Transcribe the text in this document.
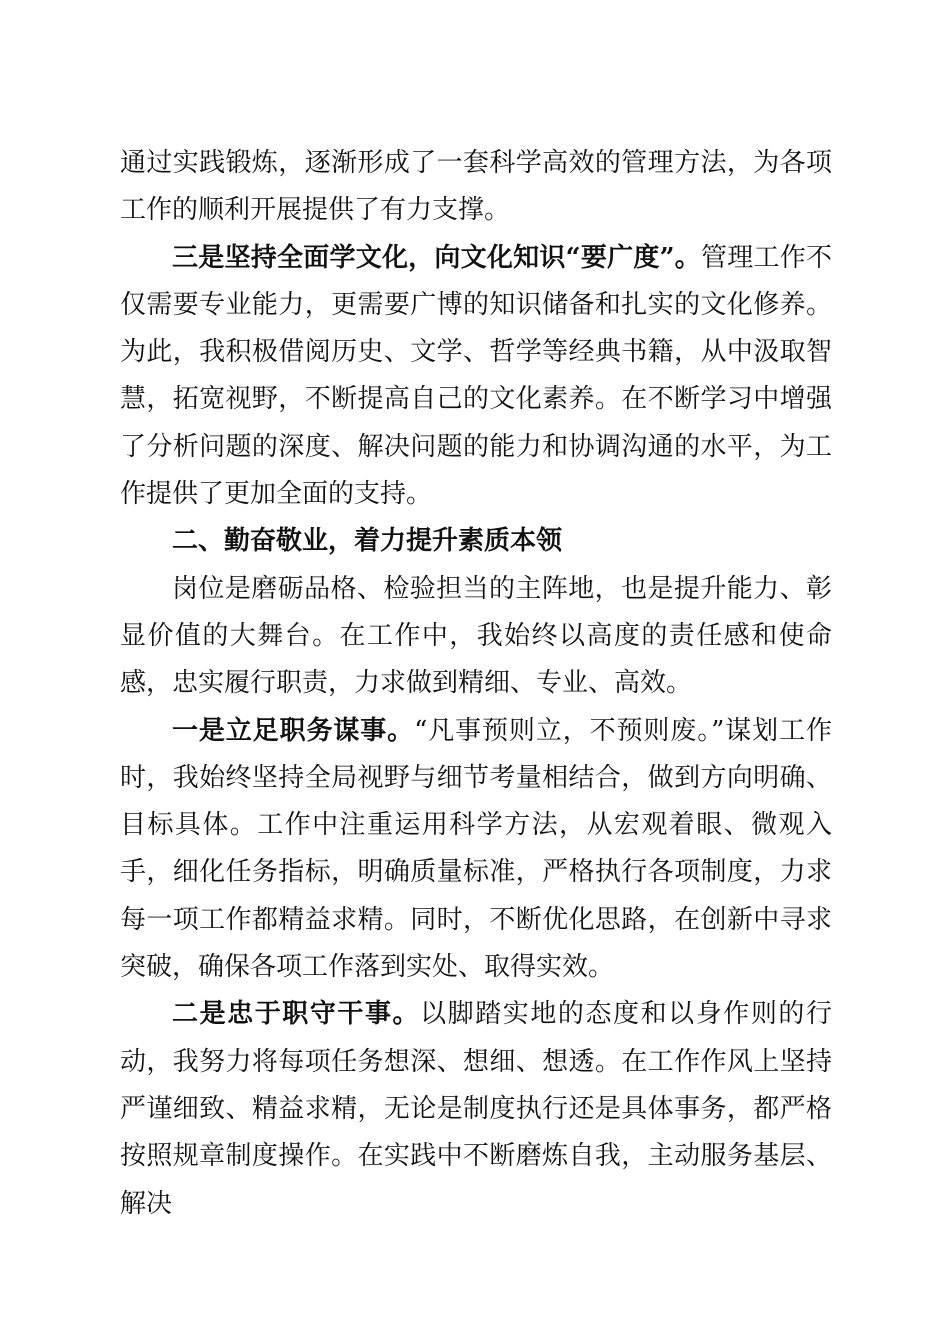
通过实践锻炼，逐渐形成了一套科学高效的管理方法，为各项工作的顺利开展提供了有力支撑。

三是坚持全面学文化，向文化知识“要广度”。管理工作不仅需要专业能力，更需要广博的知识储备和扎实的文化修养。为此，我积极借阅历史、文学、哲学等经典书籍，从中汲取智慧，拓宽视野，不断提高自己的文化素养。在不断学习中增强了分析问题的深度、解决问题的能力和协调沟通的水平，为工作提供了更加全面的支持。

二、勤奋敬业，着力提升素质本领

岗位是磨砺品格、检验担当的主阵地，也是提升能力、彰显价值的大舞台。在工作中，我始终以高度的责任感和使命感，忠实履行职责，力求做到精细、专业、高效。

一是立足职务谋事。“凡事预则立，不预则废。”谋划工作时，我始终坚持全局视野与细节考量相结合，做到方向明确、目标具体。工作中注重运用科学方法，从宏观着眼、微观入手，细化任务指标，明确质量标准，严格执行各项制度，力求每一项工作都精益求精。同时，不断优化思路，在创新中寻求突破，确保各项工作落到实处、取得实效。

二是忠于职守干事。以脚踏实地的态度和以身作则的行动，我努力将每项任务想深、想细、想透。在工作作风上坚持严谨细致、精益求精，无论是制度执行还是具体事务，都严格按照规章制度操作。在实践中不断磨炼自我，主动服务基层、解决
